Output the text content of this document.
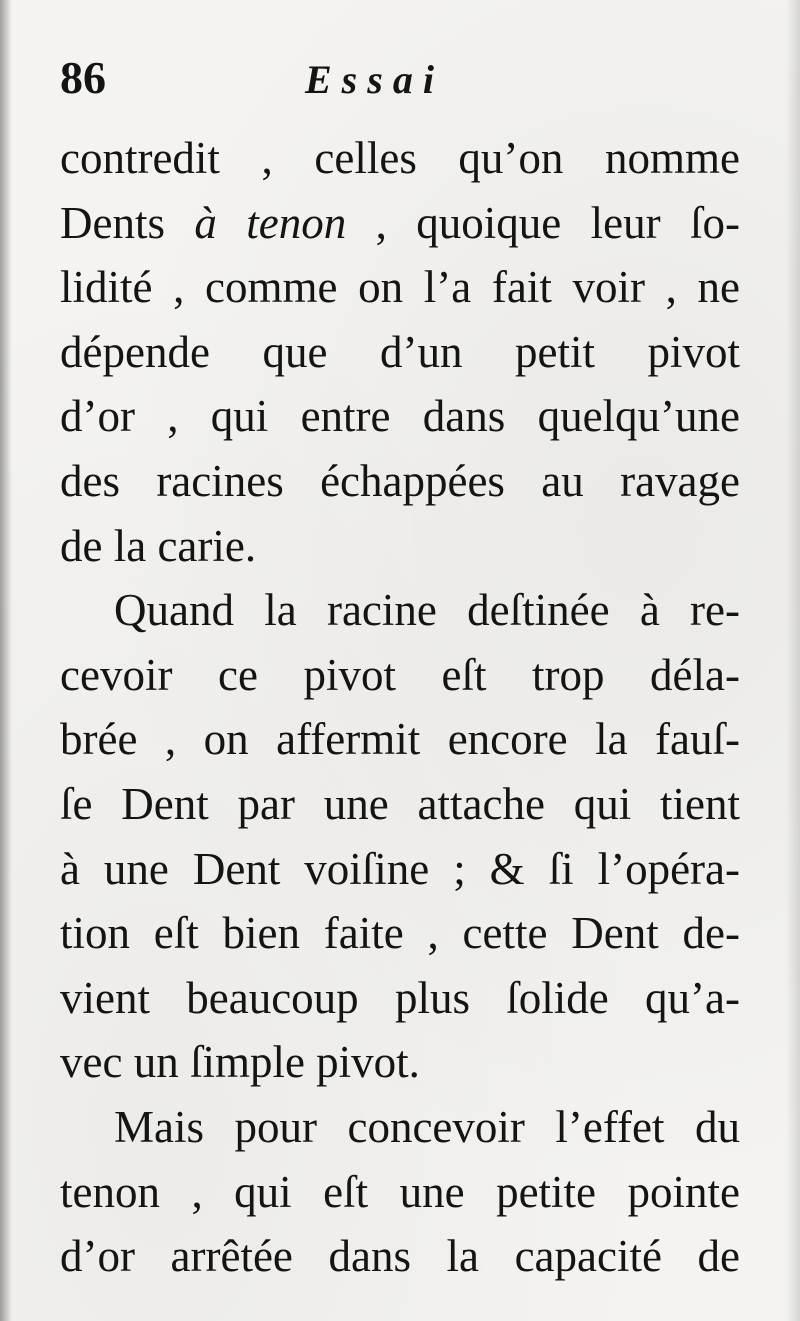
86	Essai
contredit , celles qu’on nomme
Dents à tenon , quoique leur ſo-
lidité , comme on l’a fait voir , ne
dépende que d’un petit pivot
d’or , qui entre dans quelqu’une
des racines échappées au ravage
de la carie.
Quand la racine deſtinée à re-
cevoir ce pivot eſt trop déla-
brée , on affermit encore la fauſ-
ſe Dent par une attache qui tient
à une Dent voiſine ; & ſi l’opéra-
tion eſt bien faite , cette Dent de-
vient beaucoup plus ſolide qu’a-
vec un ſimple pivot.
Mais pour concevoir l’effet du
tenon , qui eſt une petite pointe
d’or arrêtée dans la capacité de
